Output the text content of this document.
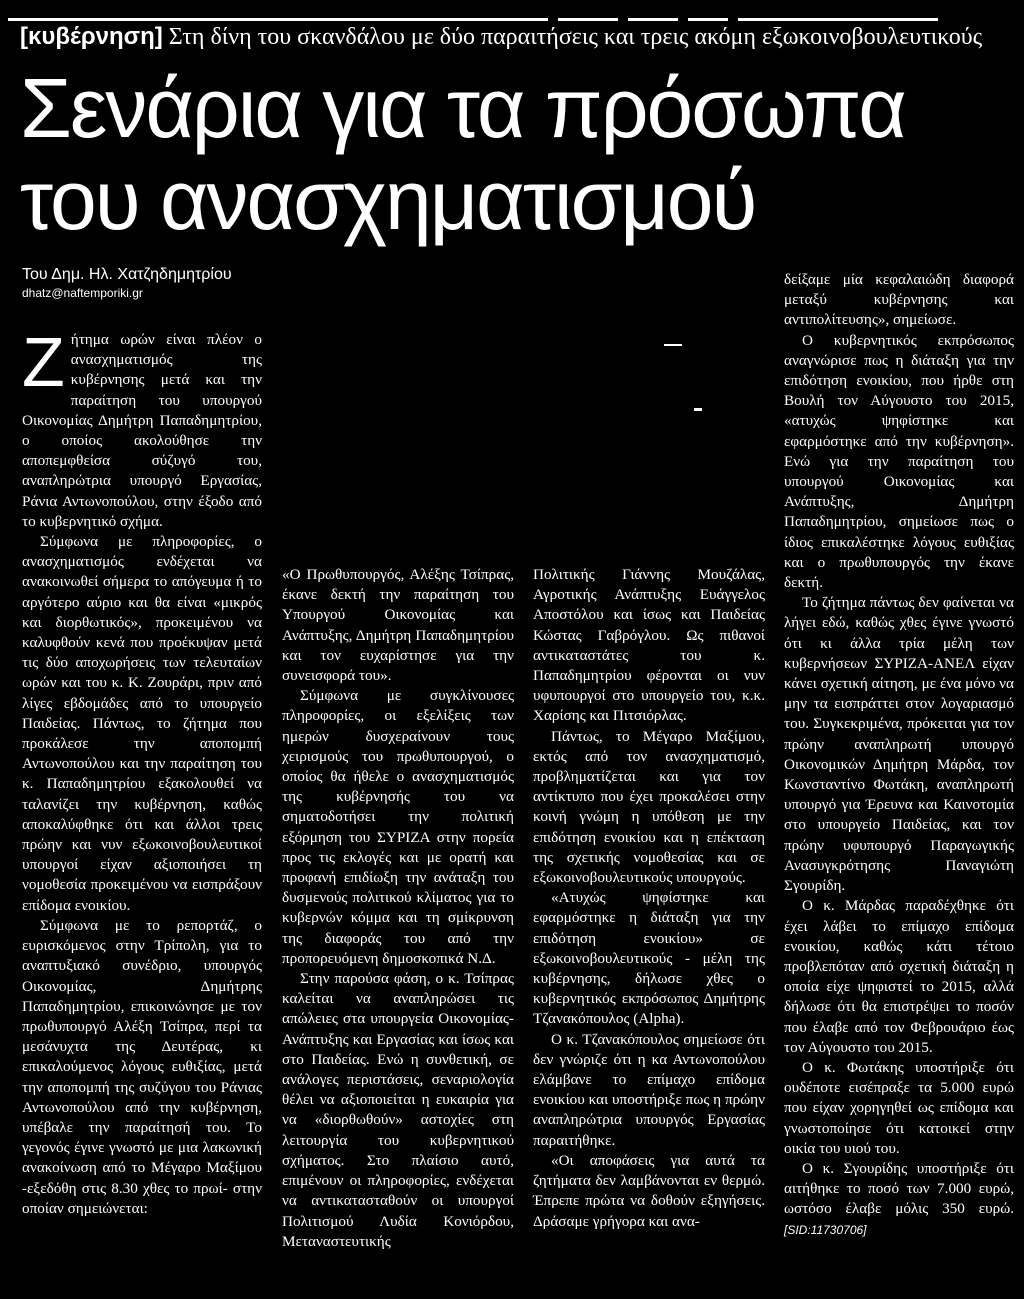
[κυβέρνηση] Στη δίνη του σκανδάλου με δύο παραιτήσεις και τρεις ακόμη εξωκοινοβουλευτικούς
Σενάρια για τα πρόσωπα
του ανασχηματισμού
Του Δημ. Ηλ. Χατζηδημητρίου
dhatz@naftemporiki.gr

Ζήτημα ωρών είναι πλέον ο ανασχηματισμός της κυβέρνησης μετά και την παραίτηση του υπουργού Οικονομίας Δημήτρη Παπαδημητρίου, ο οποίος ακολούθησε την αποπεμφθείσα σύζυγό του, αναπληρώτρια υπουργό Εργασίας, Ράνια Αντωνοπούλου, στην έξοδο από το κυβερνητικό σχήμα.

Σύμφωνα με πληροφορίες, ο ανασχηματισμός ενδέχεται να ανακοινωθεί σήμερα το απόγευμα ή το αργότερο αύριο και θα είναι «μικρός και διορθωτικός», προκειμένου να καλυφθούν κενά που προέκυψαν μετά τις δύο αποχωρήσεις των τελευταίων ωρών και του κ. Κ. Ζουράρι, πριν από λίγες εβδομάδες από το υπουργείο Παιδείας. Πάντως, το ζήτημα που προκάλεσε την αποπομπή Αντωνοπούλου και την παραίτηση του κ. Παπαδημητρίου εξακολουθεί να ταλανίζει την κυβέρνηση, καθώς αποκαλύφθηκε ότι και άλλοι τρεις πρώην και νυν εξωκοινοβουλευτικοί υπουργοί είχαν αξιοποιήσει τη νομοθεσία προκειμένου να εισπράξουν επίδομα ενοικίου.

Σύμφωνα με το ρεπορτάζ, ο ευρισκόμενος στην Τρίπολη, για το αναπτυξιακό συνέδριο, υπουργός Οικονομίας, Δημήτρης Παπαδημητρίου, επικοινώνησε με τον πρωθυπουργό Αλέξη Τσίπρα, περί τα μεσάνυχτα της Δευτέρας, κι επικαλούμενος λόγους ευθιξίας, μετά την αποπομπή της συζύγου του Ράνιας Αντωνοπούλου από την κυβέρνηση, υπέβαλε την παραίτησή του. Το γεγονός έγινε γνωστό με μια λακωνική ανακοίνωση από το Μέγαρο Μαξίμου -εξεδόθη στις 8.30 χθες το πρωί- στην οποίαν σημειώνεται:

«Ο Πρωθυπουργός, Αλέξης Τσίπρας, έκανε δεκτή την παραίτηση του Υπουργού Οικονομίας και Ανάπτυξης, Δημήτρη Παπαδημητρίου και τον ευχαρίστησε για την συνεισφορά του».

Σύμφωνα με συγκλίνουσες πληροφορίες, οι εξελίξεις των ημερών δυσχεραίνουν τους χειρισμούς του πρωθυπουργού, ο οποίος θα ήθελε ο ανασχηματισμός της κυβέρνησής του να σηματοδοτήσει την πολιτική εξόρμηση του ΣΥΡΙΖΑ στην πορεία προς τις εκλογές και με ορατή και προφανή επιδίωξη την ανάταξη του δυσμενούς πολιτικού κλίματος για το κυβερνών κόμμα και τη σμίκρυνση της διαφοράς του από την προπορευόμενη δημοσκοπικά Ν.Δ.

Στην παρούσα φάση, ο κ. Τσίπρας καλείται να αναπληρώσει τις απώλειες στα υπουργεία Οικονομίας-Ανάπτυξης και Εργασίας και ίσως και στο Παιδείας. Ενώ η συνθετική, σε ανάλογες περιστάσεις, σεναριολογία θέλει να αξιοποιείται η ευκαιρία για να «διορθωθούν» αστοχίες στη λειτουργία του κυβερνητικού σχήματος. Στο πλαίσιο αυτό, επιμένουν οι πληροφορίες, ενδέχεται να αντικατασταθούν οι υπουργοί Πολιτισμού Λυδία Κονιόρδου, Μεταναστευτικής

Πολιτικής Γιάννης Μουζάλας, Αγροτικής Ανάπτυξης Ευάγγελος Αποστόλου και ίσως και Παιδείας Κώστας Γαβρόγλου. Ως πιθανοί αντικαταστάτες του κ. Παπαδημητρίου φέρονται οι νυν υφυπουργοί στο υπουργείο του, κ.κ. Χαρίσης και Πιτσιόρλας.

Πάντως, το Μέγαρο Μαξίμου, εκτός από τον ανασχηματισμό, προβληματίζεται και για τον αντίκτυπο που έχει προκαλέσει στην κοινή γνώμη η υπόθεση με την επιδότηση ενοικίου και η επέκταση της σχετικής νομοθεσίας και σε εξωκοινοβουλευτικούς υπουργούς.

«Ατυχώς ψηφίστηκε και εφαρμόστηκε η διάταξη για την επιδότηση ενοικίου» σε εξωκοινοβουλευτικούς - μέλη της κυβέρνησης, δήλωσε χθες ο κυβερνητικός εκπρόσωπος Δημήτρης Τζανακόπουλος (Alpha).

Ο κ. Τζανακόπουλος σημείωσε ότι δεν γνώριζε ότι η κα Αντωνοπούλου ελάμβανε το επίμαχο επίδομα ενοικίου και υποστήριξε πως η πρώην αναπληρώτρια υπουργός Εργασίας παραιτήθηκε.

«Οι αποφάσεις για αυτά τα ζητήματα δεν λαμβάνονται εν θερμώ. Έπρεπε πρώτα να δοθούν εξηγήσεις. Δράσαμε γρήγορα και ανα-

δείξαμε μία κεφαλαιώδη διαφορά μεταξύ κυβέρνησης και αντιπολίτευσης», σημείωσε.

Ο κυβερνητικός εκπρόσωπος αναγνώρισε πως η διάταξη για την επιδότηση ενοικίου, που ήρθε στη Βουλή τον Αύγουστο του 2015, «ατυχώς ψηφίστηκε και εφαρμόστηκε από την κυβέρνηση». Ενώ για την παραίτηση του υπουργού Οικονομίας και Ανάπτυξης, Δημήτρη Παπαδημητρίου, σημείωσε πως ο ίδιος επικαλέστηκε λόγους ευθιξίας και ο πρωθυπουργός την έκανε δεκτή.

Το ζήτημα πάντως δεν φαίνεται να λήγει εδώ, καθώς χθες έγινε γνωστό ότι κι άλλα τρία μέλη των κυβερνήσεων ΣΥΡΙΖΑ-ΑΝΕΛ είχαν κάνει σχετική αίτηση, με ένα μόνο να μην τα εισπράττει στον λογαριασμό του. Συγκεκριμένα, πρόκειται για τον πρώην αναπληρωτή υπουργό Οικονομικών Δημήτρη Μάρδα, τον Κωνσταντίνο Φωτάκη, αναπληρωτή υπουργό για Έρευνα και Καινοτομία στο υπουργείο Παιδείας, και τον πρώην υφυπουργό Παραγωγικής Ανασυγκρότησης Παναγιώτη Σγουρίδη.

Ο κ. Μάρδας παραδέχθηκε ότι έχει λάβει το επίμαχο επίδομα ενοικίου, καθώς κάτι τέτοιο προβλεπόταν από σχετική διάταξη η οποία είχε ψηφιστεί το 2015, αλλά δήλωσε ότι θα επιστρέψει το ποσόν που έλαβε από τον Φεβρουάριο έως τον Αύγουστο του 2015.

Ο κ. Φωτάκης υποστήριξε ότι ουδέποτε εισέπραξε τα 5.000 ευρώ που είχαν χορηγηθεί ως επίδομα και γνωστοποίησε ότι κατοικεί στην οικία του υιού του.

Ο κ. Σγουρίδης υποστήριξε ότι αιτήθηκε το ποσό των 7.000 ευρώ, ωστόσο έλαβε μόλις 350 ευρώ. [SID:11730706]
